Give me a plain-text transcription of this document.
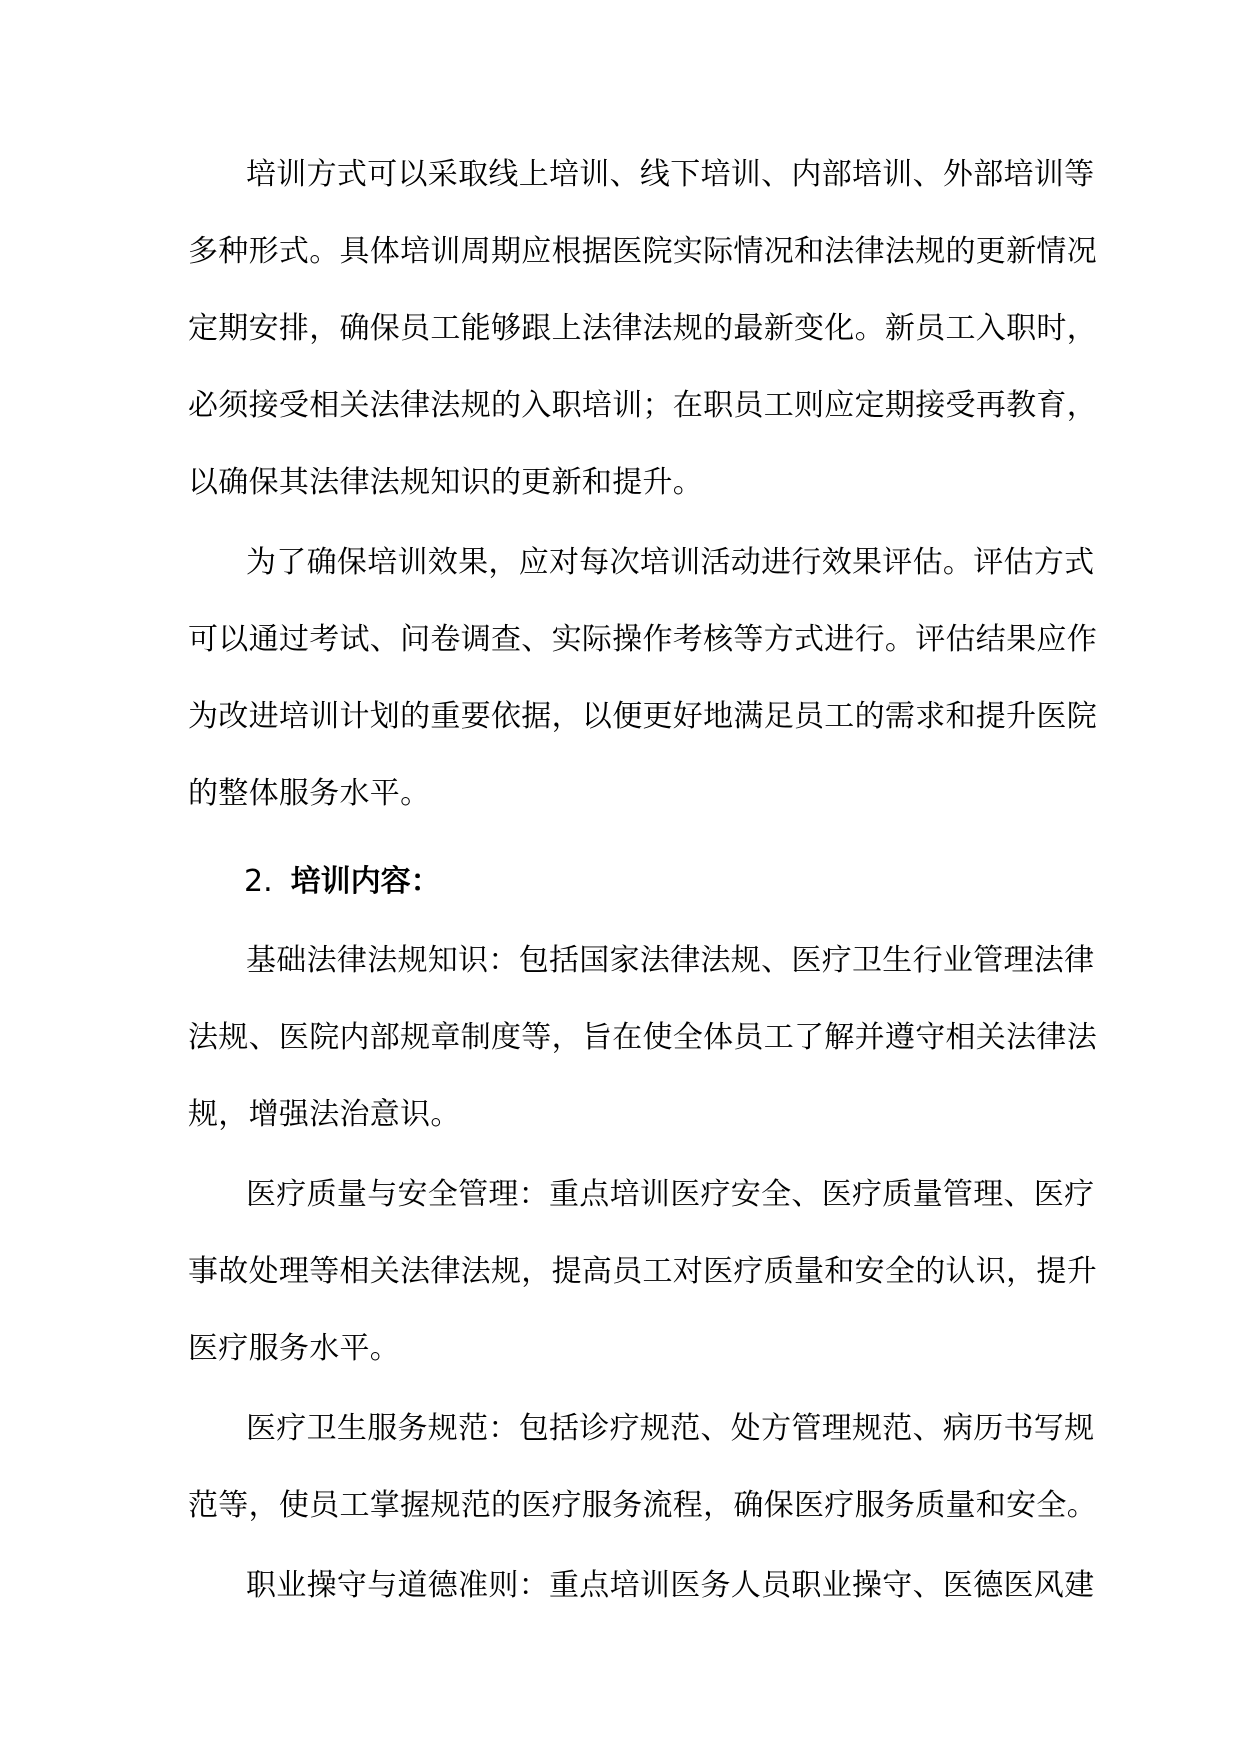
培训方式可以采取线上培训、线下培训、内部培训、外部培训等
多种形式。具体培训周期应根据医院实际情况和法律法规的更新情况
定期安排，确保员工能够跟上法律法规的最新变化。新员工入职时，
必须接受相关法律法规的入职培训；在职员工则应定期接受再教育，
以确保其法律法规知识的更新和提升。
为了确保培训效果，应对每次培训活动进行效果评估。评估方式
可以通过考试、问卷调查、实际操作考核等方式进行。评估结果应作
为改进培训计划的重要依据，以便更好地满足员工的需求和提升医院
的整体服务水平。
2. 培训内容：
基础法律法规知识：包括国家法律法规、医疗卫生行业管理法律
法规、医院内部规章制度等，旨在使全体员工了解并遵守相关法律法
规，增强法治意识。
医疗质量与安全管理：重点培训医疗安全、医疗质量管理、医疗
事故处理等相关法律法规，提高员工对医疗质量和安全的认识，提升
医疗服务水平。
医疗卫生服务规范：包括诊疗规范、处方管理规范、病历书写规
范等，使员工掌握规范的医疗服务流程，确保医疗服务质量和安全。
职业操守与道德准则：重点培训医务人员职业操守、医德医风建
